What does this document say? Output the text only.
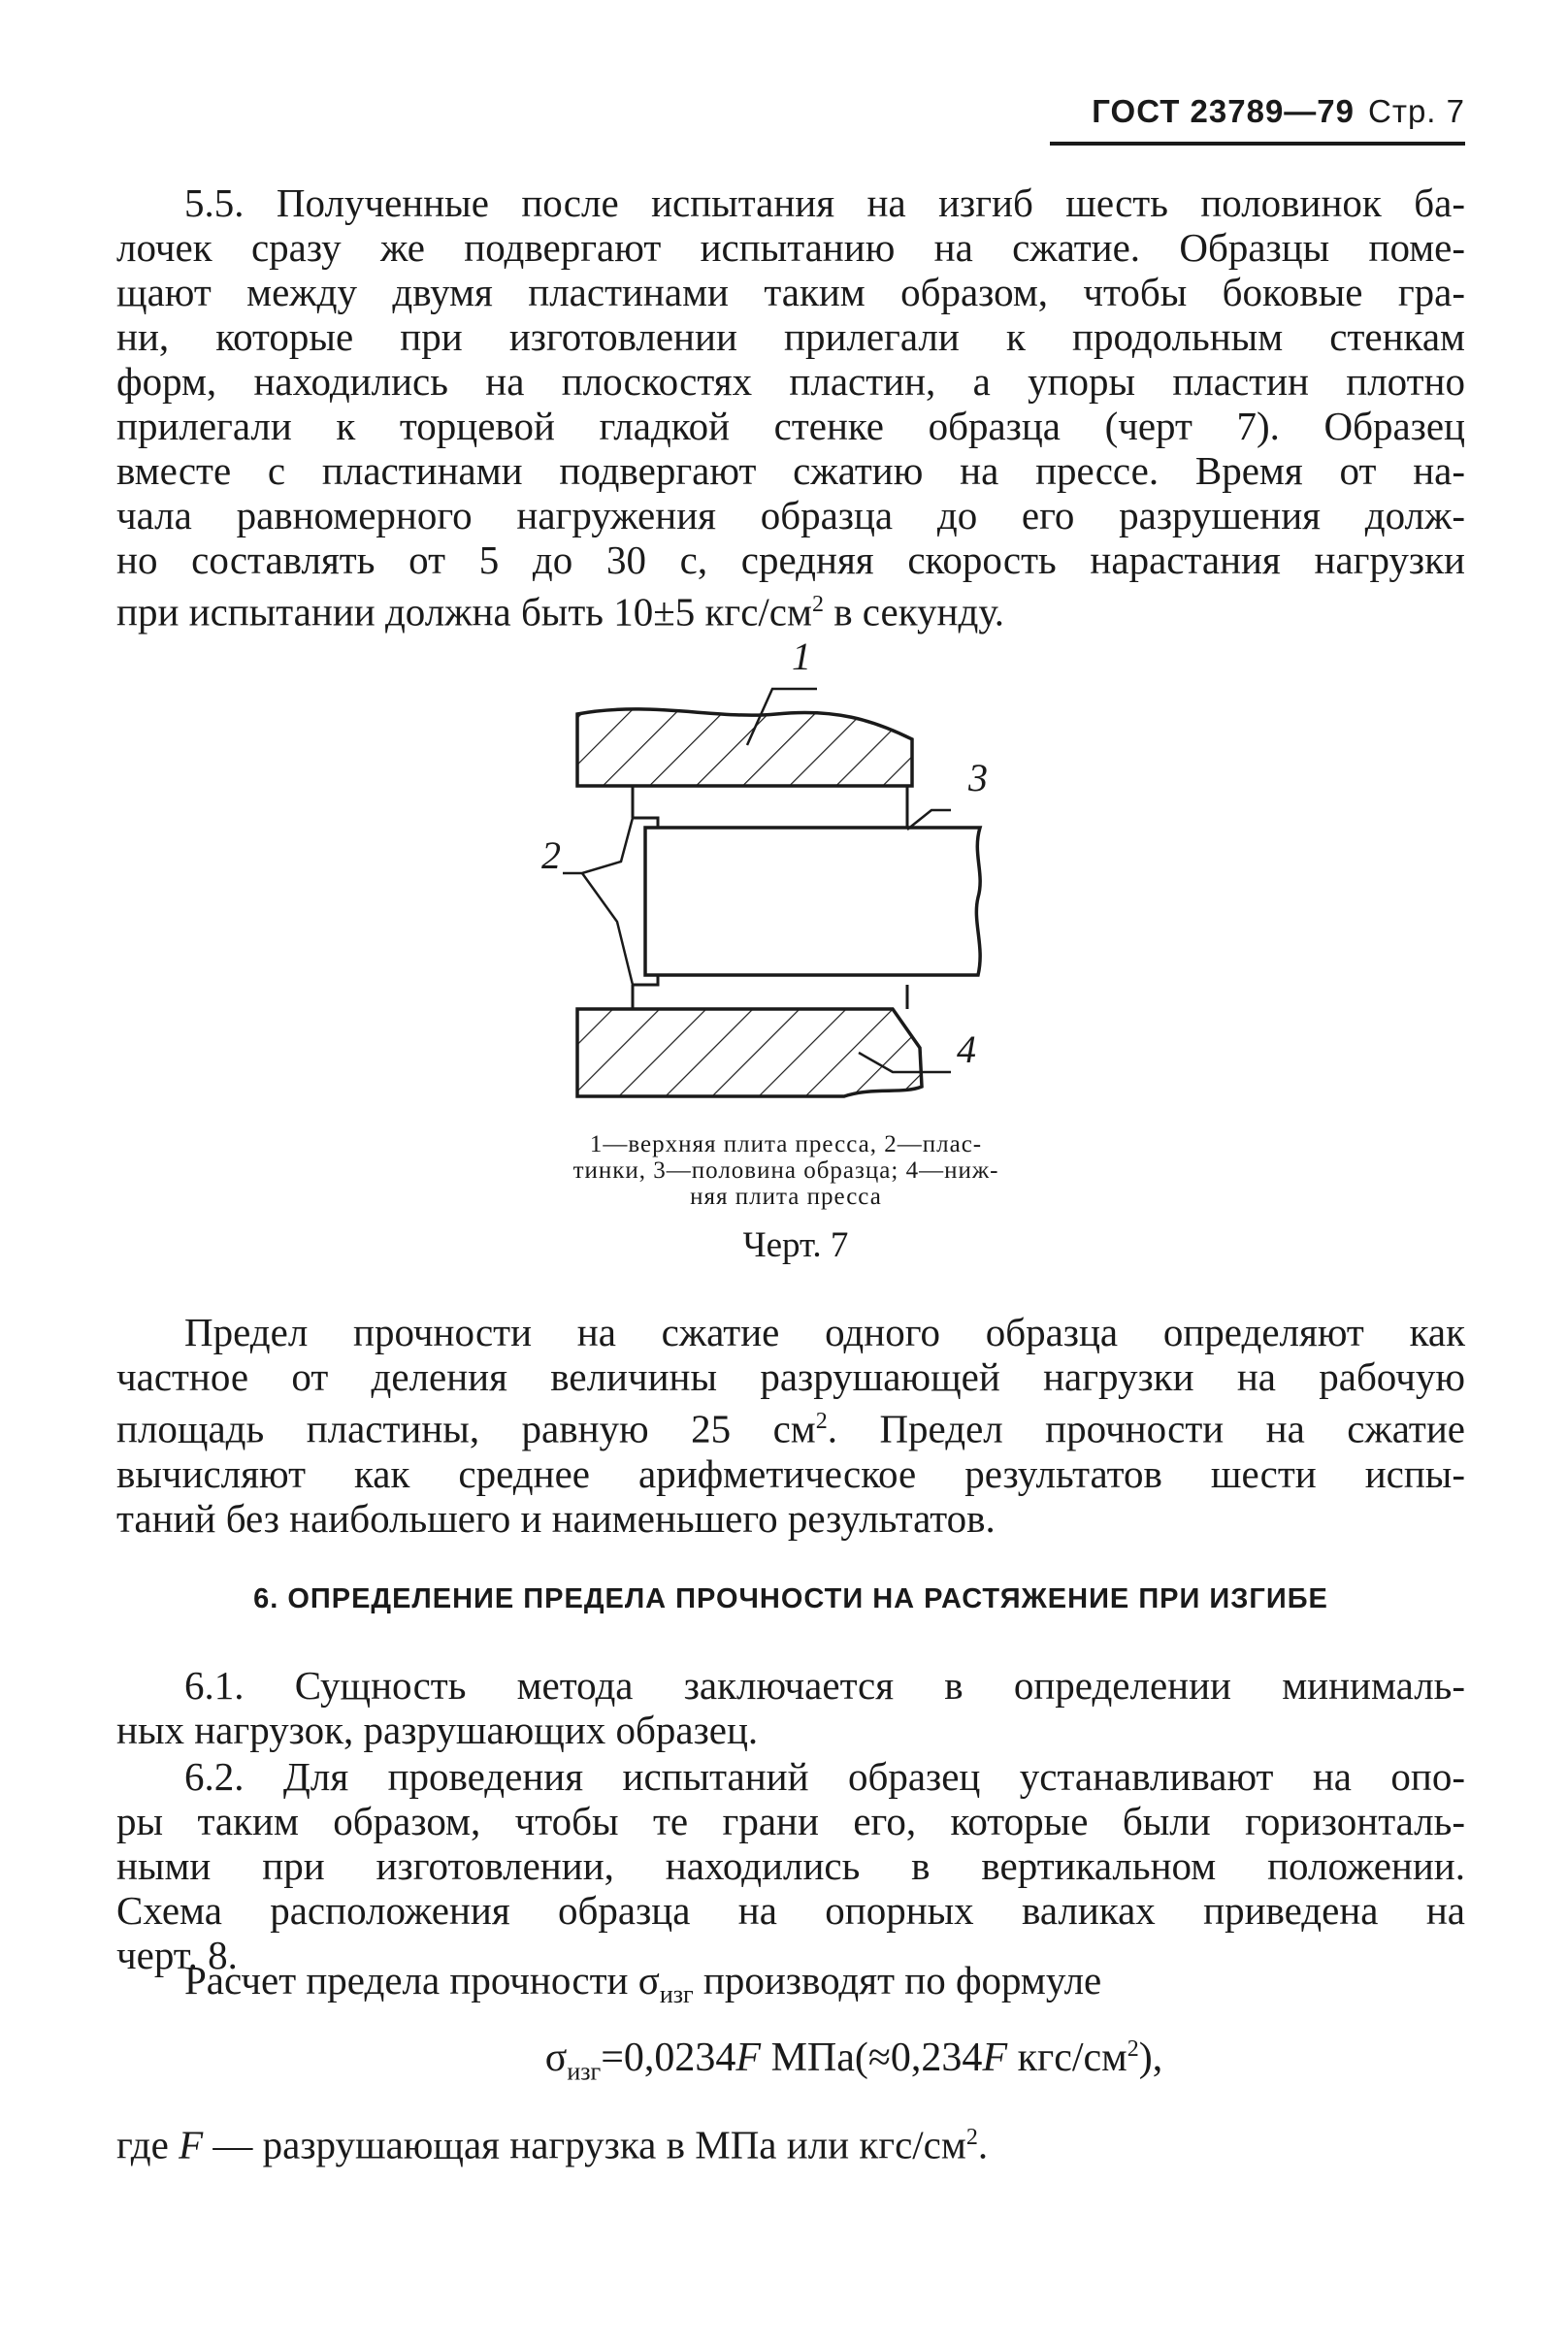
ГОСТ 23789—79 Стр. 7
5.5. Полученные после испытания на изгиб шесть половинок ба-
лочек сразу же подвергают испытанию на сжатие. Образцы поме-
щают между двумя пластинами таким образом, чтобы боковые гра-
ни, которые при изготовлении прилегали к продольным стенкам
форм, находились на плоскостях пластин, а упоры пластин плотно
прилегали к торцевой гладкой стенке образца (черт 7). Образец
вместе с пластинами подвергают сжатию на прессе. Время от на-
чала равномерного нагружения образца до его разрушения долж-
но составлять от 5 до 30 с, средняя скорость нарастания нагрузки
при испытании должна быть 10±5 кгс/$см^2$ в секунду.
1
3
2
4
1—верхняя плита пресса, 2—плас-
тинки, 3—половина образца; 4—ниж-
няя плита пресса
Черт. 7
Предел прочности на сжатие одного образца определяют как
частное от деления величины разрушающей нагрузки на рабочую
площадь пластины, равную 25 $см^2$. Предел прочности на сжатие
вычисляют как среднее арифметическое результатов шести испы-
таний без наибольшего и наименьшего результатов.
6. ОПРЕДЕЛЕНИЕ ПРЕДЕЛА ПРОЧНОСТИ НА РАСТЯЖЕНИЕ ПРИ ИЗГИБЕ
6.1. Сущность метода заключается в определении минималь-
ных нагрузок, разрушающих образец.
6.2. Для проведения испытаний образец устанавливают на опо-
ры таким образом, чтобы те грани его, которые были горизонталь-
ными при изготовлении, находились в вертикальном положении.
Схема расположения образца на опорных валиках приведена на
черт. 8.
Расчет предела прочности $\sigma_{изг}$ производят по формуле
$\sigma_{изг}=0,0234F$ МПа(≈0,234F кгс/$см^2$),
где F — разрушающая нагрузка в МПа или кгс/$см^2$.
